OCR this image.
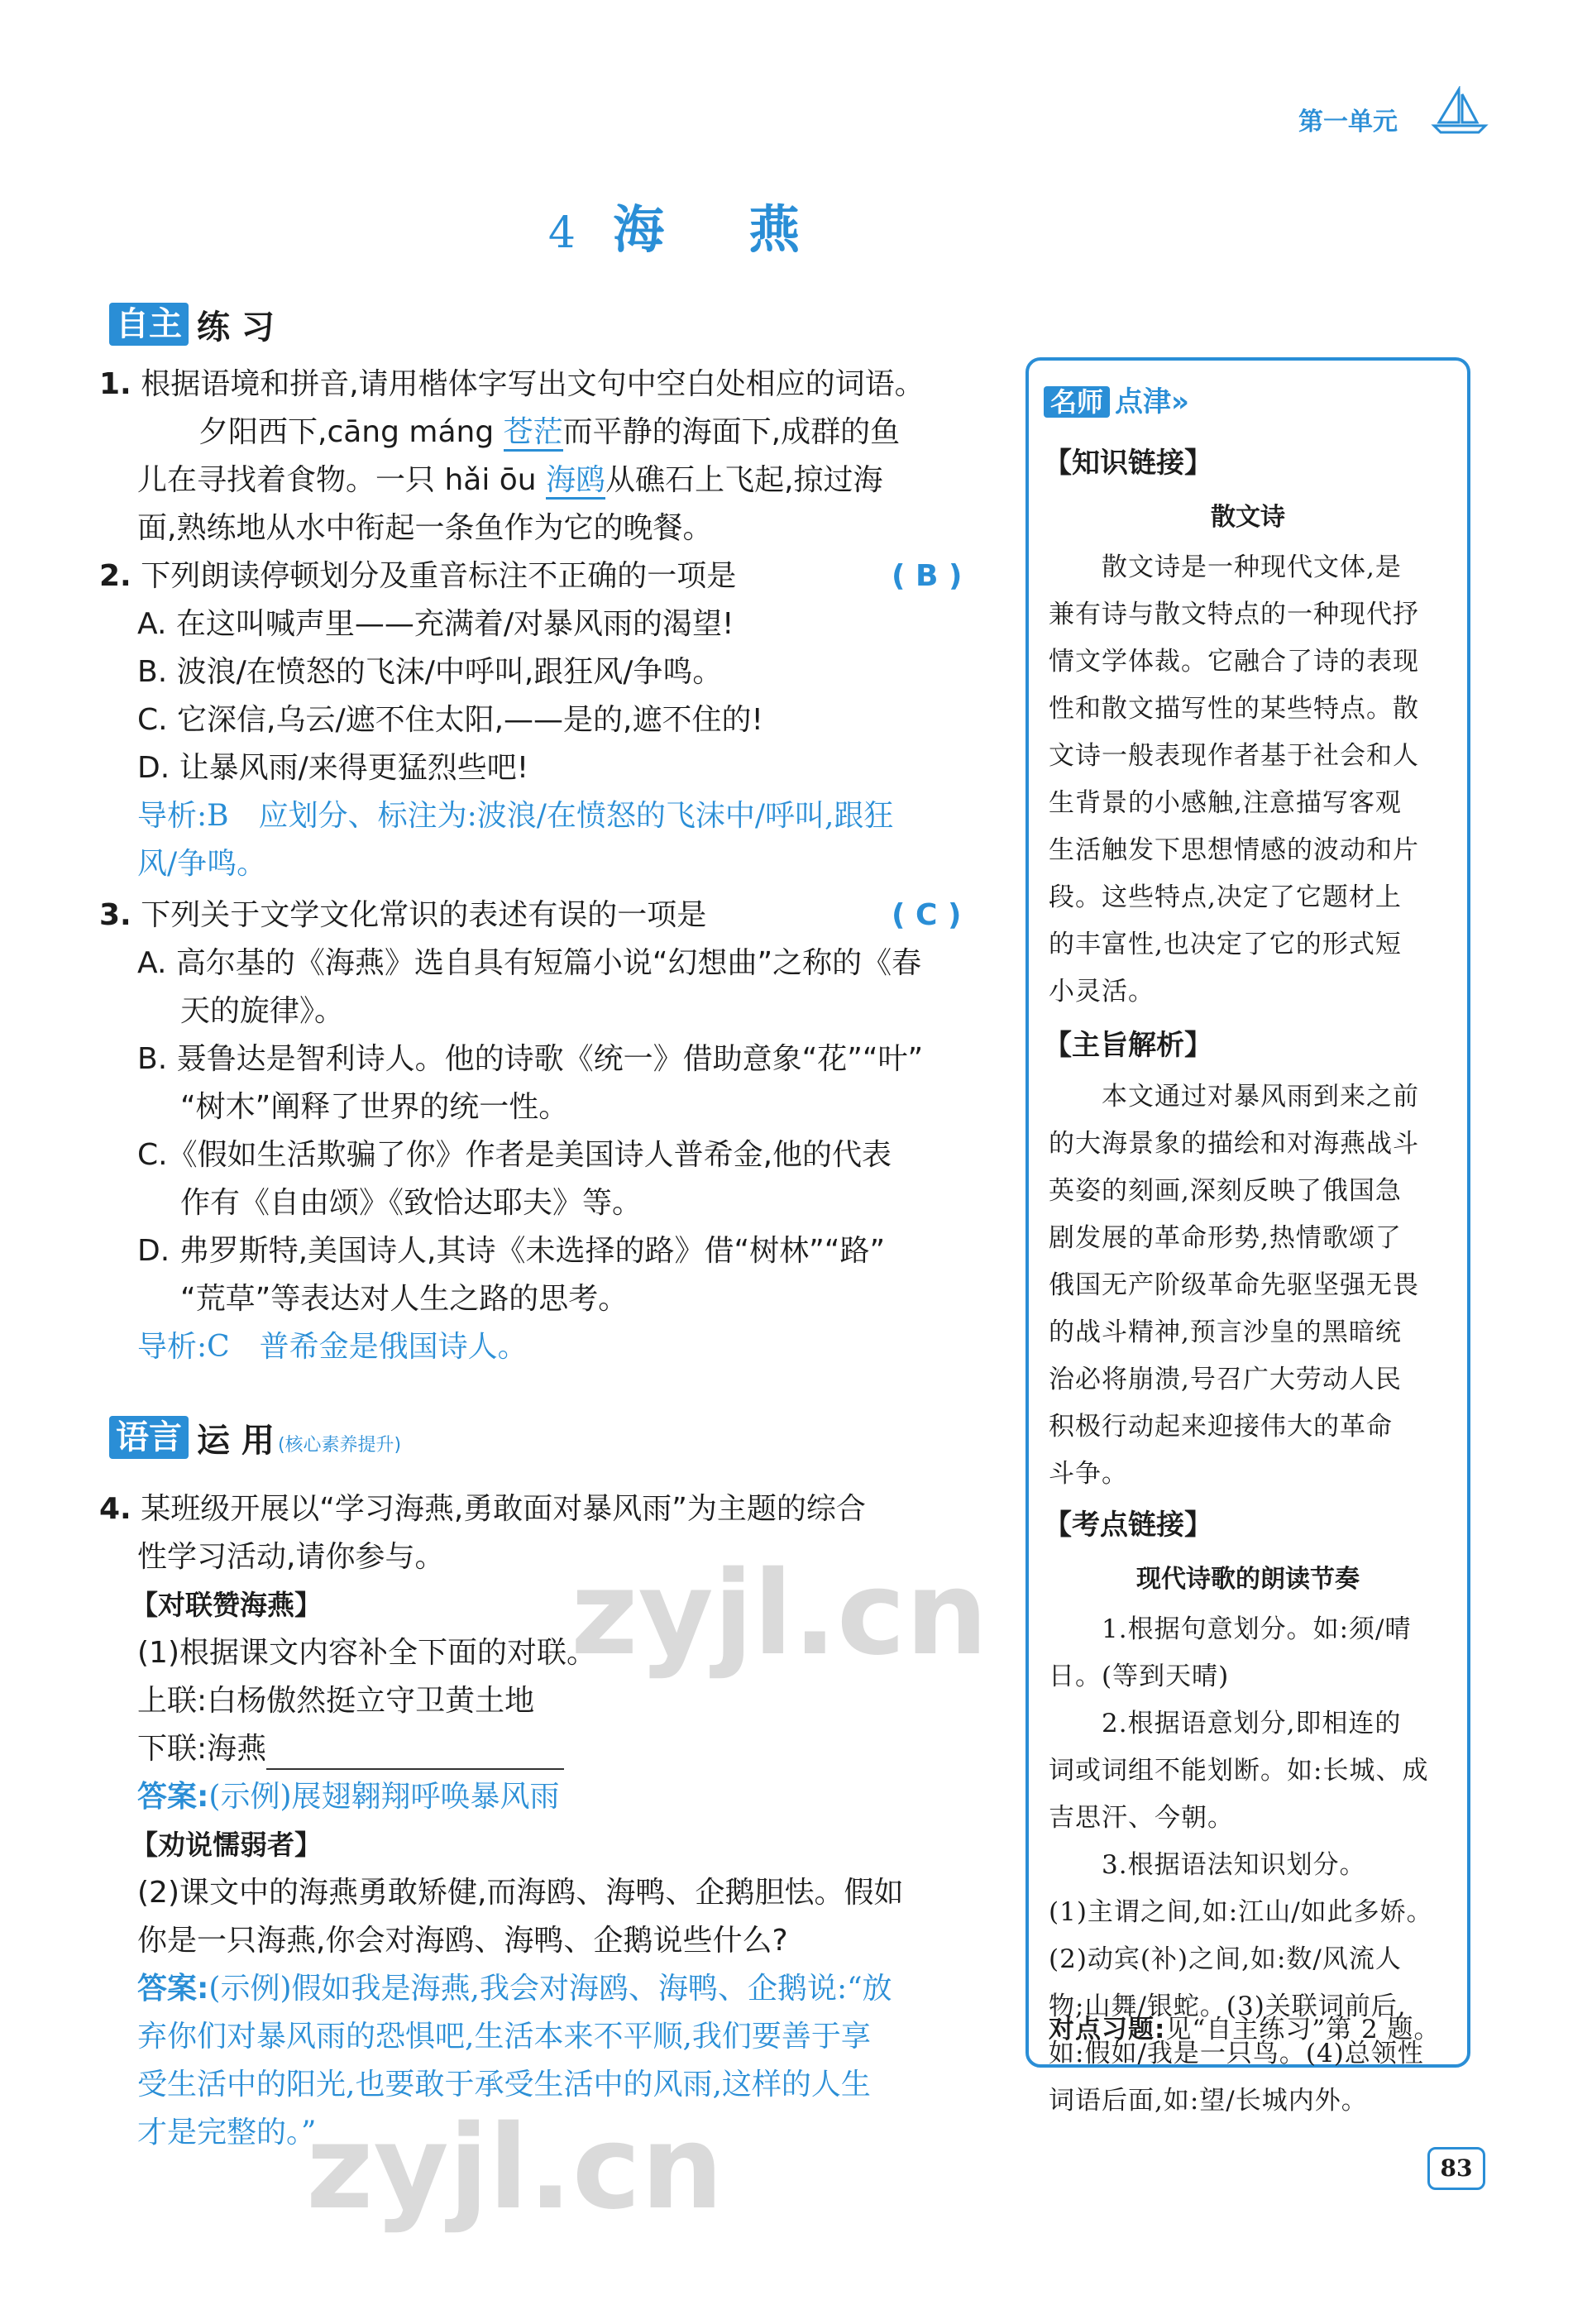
第一单元
4 海　燕
自主 练 习
1. 根据语境和拼音,请用楷体字写出文句中空白处相应的词语。
夕阳西下,cāng máng 苍茫而平静的海面下,成群的鱼
儿在寻找着食物。一只 hǎi ōu 海鸥从礁石上飞起,掠过海
面,熟练地从水中衔起一条鱼作为它的晚餐。
2. 下列朗读停顿划分及重音标注不正确的一项是	( B )
A. 在这叫喊声里——充满着/对暴风雨的渴望!
B. 波浪/在愤怒的飞沫/中呼叫,跟狂风/争鸣。
C. 它深信,乌云/遮不住太阳,——是的,遮不住的!
D. 让暴风雨/来得更猛烈些吧!
导析:B　应划分、标注为:波浪/在愤怒的飞沫中/呼叫,跟狂
风/争鸣。
3. 下列关于文学文化常识的表述有误的一项是	( C )
A. 高尔基的《海燕》选自具有短篇小说“幻想曲”之称的《春
天的旋律》。
B. 聂鲁达是智利诗人。他的诗歌《统一》借助意象“花”“叶”
“树木”阐释了世界的统一性。
C.《假如生活欺骗了你》作者是美国诗人普希金,他的代表
作有《自由颂》《致恰达耶夫》等。
D. 弗罗斯特,美国诗人,其诗《未选择的路》借“树林”“路”
“荒草”等表达对人生之路的思考。
导析:C　普希金是俄国诗人。
语言 运 用 (核心素养提升)
4. 某班级开展以“学习海燕,勇敢面对暴风雨”为主题的综合
性学习活动,请你参与。
【对联赞海燕】
(1)根据课文内容补全下面的对联。
上联:白杨傲然挺立守卫黄土地
下联:海燕
答案:(示例)展翅翱翔呼唤暴风雨
【劝说懦弱者】
(2)课文中的海燕勇敢矫健,而海鸥、海鸭、企鹅胆怯。假如
你是一只海燕,你会对海鸥、海鸭、企鹅说些什么?
答案:(示例)假如我是海燕,我会对海鸥、海鸭、企鹅说:“放
弃你们对暴风雨的恐惧吧,生活本来不平顺,我们要善于享
受生活中的阳光,也要敢于承受生活中的风雨,这样的人生
才是完整的。”
名师 点津»
【知识链接】
散文诗
　　散文诗是一种现代文体,是
兼有诗与散文特点的一种现代抒
情文学体裁。它融合了诗的表现
性和散文描写性的某些特点。散
文诗一般表现作者基于社会和人
生背景的小感触,注意描写客观
生活触发下思想情感的波动和片
段。这些特点,决定了它题材上
的丰富性,也决定了它的形式短
小灵活。
【主旨解析】
　　本文通过对暴风雨到来之前
的大海景象的描绘和对海燕战斗
英姿的刻画,深刻反映了俄国急
剧发展的革命形势,热情歌颂了
俄国无产阶级革命先驱坚强无畏
的战斗精神,预言沙皇的黑暗统
治必将崩溃,号召广大劳动人民
积极行动起来迎接伟大的革命
斗争。
【考点链接】
现代诗歌的朗读节奏
　　1.根据句意划分。如:须/晴
日。(等到天晴)
　　2.根据语意划分,即相连的
词或词组不能划断。如:长城、成
吉思汗、今朝。
　　3.根据语法知识划分。
(1)主谓之间,如:江山/如此多娇。
(2)动宾(补)之间,如:数/风流人
物;山舞/银蛇。(3)关联词前后,
如:假如/我是一只鸟。(4)总领性
词语后面,如:望/长城内外。
对点习题:见“自主练习”第 2 题。
83
zyjl.cn
zyjl.cn
